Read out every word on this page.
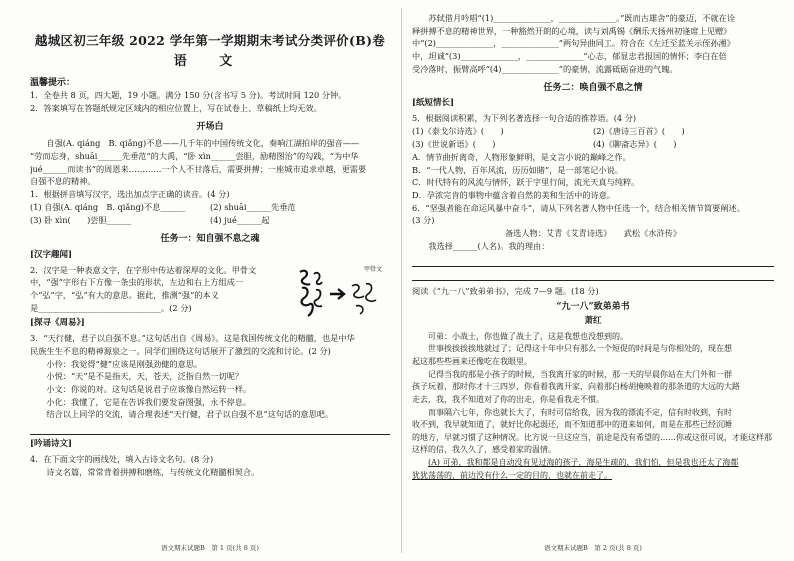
越城区初三年级 2022 学年第一学期期末考试分类评价(B)卷
语 文
温馨提示：
1．全卷共 8 页，四大题，19 小题。满分 150 分(含书写 5 分)。考试时间 120 分钟。
2．答案填写在答题纸规定区域内的相应位置上，写在试卷上、草稿纸上均无效。
开场白
自强(A. qiáng　B. qiǎng)不息——几千年的中国传统文化，奏响江湖拍岸的强音——
“劳而忘身，shuāi______先垂范”的大禹，“卧 xìn______尝胆，励精图治”的勾践，“为中华
jué______而读书”的周恩来…………一个人不甘落后，需要拼搏；一座城市追求卓越，更需要
自强不息的精神。
1．根据拼音填写汉字，选出加点字正确的读音。(4 分)
(1) 自强(A. qiáng　B. qiǎng)不息______	(2) shuāi______先垂范
(3) 卧 xìn(　　)尝胆______	(4) jué______起
任务一：知自强不息之魂
[汉字趣闻]
2．汉字是一种表意文字，在字形中传达着深厚的文化。甲骨文
中，“强”字形右下方像一条虫的形状，左边和右上方组成一
个“弘”字，“弘”有大的意思。据此，推测“强”的本义
是______________________________。(2 分)
甲骨文
[探寻《周易》]
3．“天行健，君子以自强不息。”这句话出自《周易》。这是我国传统文化的精髓，也是中华
民族生生不息的精神源泉之一。同学们围绕这句话展开了激烈的交流和讨论。(2 分)
小伶：我觉得“健”应该是刚强劲健的意思。
小悦：“天”是不是指天，天，苍天，泛指自然一切呢？
小文：你说的对。这句话是说君子应该像自然运转一样。
小化：我懂了，它是在告诉我们要发奋图强，永不停息。
结合以上同学的交流，请合理表述“天行健，君子以自强不息”这句话的意思吧。
[吟诵诗文]
4．在下面文字的画线处，填入古诗文名句。(8 分)
诗文名篇，常常背着拼搏和磨练，与传统文化精髓相契合。
语文期末试题B　第 1 页(共 8 页)
苏轼借月吟唱“(1)______________，______________。”既而古雄舍”的豪迈，不就在诠
释拼搏不息的精神世界，一种豁然开朗的心境，读与刘禹锡《酬乐天扬州初逢席上见赠》
中“(2)______________，______________”两句异曲同工。符合在《左迁至蓝关示侄孙湘》
中，坦诚“(3)______________，______________”心志，郁显忠君报国的情怀；李白在倍
受冷落时，振臂高呼“(4)______________”的豪情，流露砥砺奋进的气魄。
任务二：唤自强不息之情
[纸短情长]
5．根据阅读积累，为下列名著选择一句合适的推荐语。(4 分)
(1)《泰戈尔诗选》(　　)	(2)《唐诗三百首》(　　)
(3)《世说新语》(　　)	(4)《聊斋志异》(　　)
A．情节曲折离奇，人物形象鲜明，是文言小说的巅峰之作。
B．“一代人物，百年风流，历历如睹”，是一部笔记小说。
C．时代特有的风流与情怀，跃于字里行间，流光天真与纯粹。
D．孕浓完肯的事物中蕴含着自然的美和生活中的诗意。
6．“坚强者能在命运风暴中奋斗”，请从下列名著人物中任选一个，结合相关情节简要阐述。
(3 分)
备选人物：艾青《艾青诗选》　　武松《水浒传》
我选择______(人名)。我的理由：
阅读《“九一八”致弟弟书》，完成 7—9 题。(18 分)
“九一八”致弟弟书
萧红
可弟：小战士，你也做了战士了，这是我想也没想到的。
世事挨挨挨挨地就过了；记得这十年中只有那么一个短促的时间是与你相处的，现在想
起这那些些画来还像吃在我眼里。
记得当我的那是小孩子的时候，当我离开家的时候，那一天的早晨你站在大门外和一群
孩子玩着，那时你才十三四岁，你看着我离开家，向着那白杨胡掩映着的那条道的大远的大路
走去，我，我不知道对了你的出走，你是看我走不惯。
而事隔六七年，你也就长大了，有时可信给我，因为我的漂流不定，信有时收到，有时
收不到，我早就知道了，就好比你起弱还，而不知道那中的道来如何，而是在那些已经沉睡
的地方，早就习惯了这种情况。比方说一旦这应当，前途是没有希望的……你或这很可说，才能这样那
这样的信，我久久了，感受着家的温情。
(A) 可弟，我和都是自动没有见过海的孩子，海是生疏的，我们怕，但是我也还太了海都
犹犹荡荡的，前边没有什么一定的目的，也就在前走了。
语文期末试题B　第 2 页(共 8 页)
